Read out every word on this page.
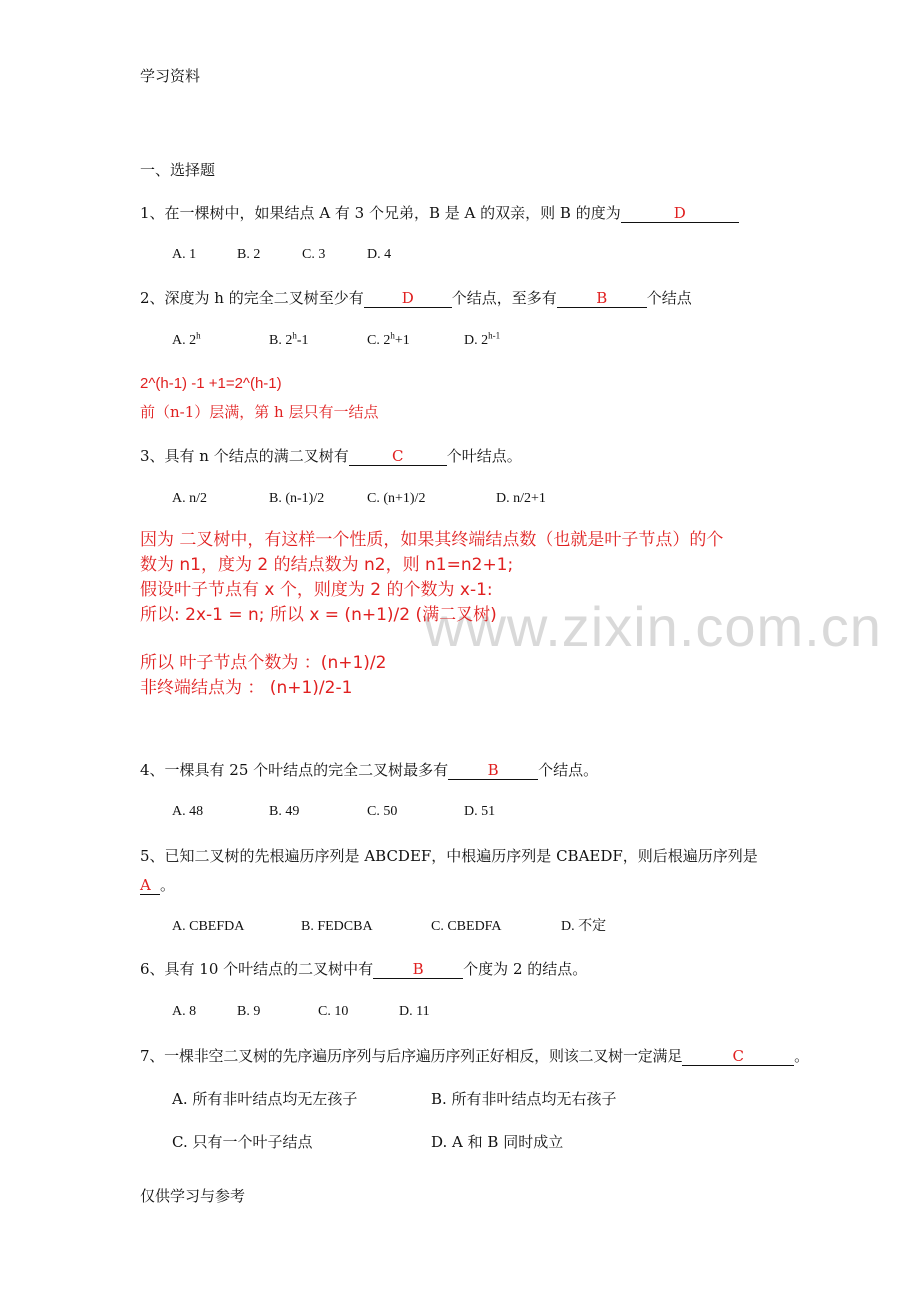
学习资料
www.zixin.com.cn
一、选择题
1、在一棵树中，如果结点 A 有 3 个兄弟，B 是 A 的双亲，则 B 的度为	D
A. 1	B. 2	C. 3	D. 4
2、深度为 h 的完全二叉树至少有	D	个结点，至多有	B	个结点
A. 2$^h$	B. 2$^h$-1	C. $2^h+1$	D. 2$^{h-1}$
2^(h-1) -1 +1=2^(h-1)
前（n-1）层满，第 h 层只有一结点
3、具有 n 个结点的满二叉树有	C	个叶结点。
A. n/2	B. (n-1)/2	C. (n+1)/2	D. n/2+1
因为 二叉树中，有这样一个性质，如果其终端结点数（也就是叶子节点）的个
数为 n1，度为 2 的结点数为 n2，则 n1=n2+1;
假设叶子节点有 x 个，则度为 2 的个数为 x-1:
所以: 2x-1 = n; 所以 x = (n+1)/2 (满二叉树)
所以 叶子节点个数为 ：(n+1)/2
非终端结点为 ： (n+1)/2-1
4、一棵具有 25 个叶结点的完全二叉树最多有	B	个结点。
A. 48	B. 49	C. 50	D. 51
5、已知二叉树的先根遍历序列是 ABCDEF，中根遍历序列是 CBAEDF，则后根遍历序列是
A 。
A. CBEFDA	B. FEDCBA	C. CBEDFA	D. 不定
6、具有 10 个叶结点的二叉树中有	B	个度为 2 的结点。
A. 8	B. 9	C. 10	D. 11
7、一棵非空二叉树的先序遍历序列与后序遍历序列正好相反，则该二叉树一定满足	C	。
A. 所有非叶结点均无左孩子	B. 所有非叶结点均无右孩子
C. 只有一个叶子结点	D. A 和 B 同时成立
仅供学习与参考
